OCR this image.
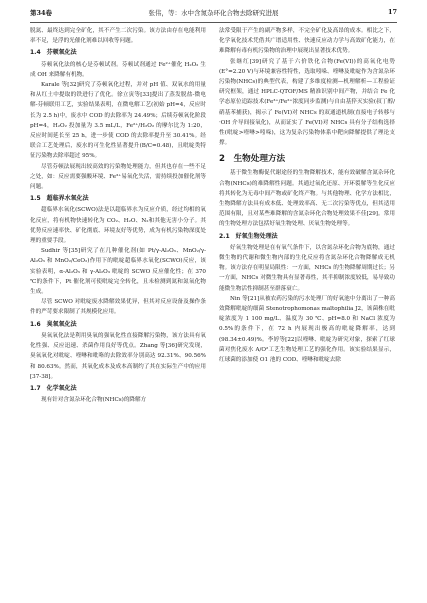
第34卷	张伟，等：水中含氮杂环化合物去除研究进展	17

脱氮、最终达到完全矿化，其不产生二次污染。该方法由存在电能利用率不足，是浮的光催化剂难以回收等问题。

1.4　芬顿氧化法

芬顿氧化法的核心是芬顿试剂。芬顿试剂通过 Fe²⁺催化 H₂O₂ 生成 OH 来降解有机物。

Karale 等[32]研究了芬顿氧化过程，并对 pH 值、双氧水的用量和从红土中提取的铁进行了优化。徐立寅等[33]提出了蒸发脱盐-微电解-芬顿联用工艺，实验结果表明，在微电解工艺(初始 pH=4，反应时长为 2.5 h)中，废水中 COD 的去除率为 24.49%；后续芬顿氧化阶段 pH=4，H₂O₂ 投加量为 3.5 mL/L，Fe²⁺/H₂O₂ 的摩尔比为 1:20，反应时间延长至 25 h，进一步使 COD 的去除率提升至 30.41%。经联合工艺处理后，废水的可生化性显著提升(B/C=0.48)，且吡啶类特征污染物去除率超过 95%。

尽管芬顿法展现出较高效的污染物处理能力，但其也存在一些不足之处，如：反应需要强酸环境、Fe³⁺易氧化失活，需持续投加催化剂等问题。

1.5　超临界水氧化法

超临界水氧化(SCWO)法是以超临界水为反应介质，经过均相的氧化反应，将有机物快速转化为 CO₂、H₂O、N₂和其他无害小分子。其优势反应速率快、矿化彻底、环境友好等优势，成为有机污染物深度处理的重要手段。

Sudhir 等[35]研究了在几种催化剂(如 Pt/γ-Al₂O₃、MnO₂/γ-Al₂O₃ 和 MnO₂/CeO₂)作用下的吡啶超临界水氧化(SCWO)反应，该实验表明，α-Al₂O₃ 和 γ-Al₂O₃ 吡啶的 SCWO 反应催化性；在 370 ℃的条件下，Pt 催化剂可使吡啶完全转化，且未检测到氮和氮氧化物生成。

尽管 SCWO 对吡啶废水降解效果优异，但其对反应设备及操作条件的严苛要求限制了其规模化应用。

1.6　臭氧氧化法

臭氧氧化法是利用臭氧的强氧化性直接降解污染物，该方法具有氧化性强、反应迅速、杀菌作用良好等优点。Zhang 等[36]研究发现，臭氧氧化对吡啶、喹啉和吡咯的去除效率分别高达 92.31%、90.56%和 80.63%。然而，其氧化成本及成本高制约了其在实际生产中的应用[37-38]。

1.7　化学氧化法

现有针对含氮杂环化合物(NHCs)的降解方

法常受限于产生的副产物多样，不完全矿化及高昂的成本。相比之下，化学氧化技术凭借其广谱适用性、快速反应动力学与高效矿化能力，在难降解有毒有机污染物的治理中展现出显著技术优势。

张继红[39]研究了基于六价铁化合物(Fe(VI))的高氧化电势(E°=2.20 V)与环境兼容性特性，选取吲哚、喹啉及吡啶作为含氮杂环污染物(NHCs)的典型代表，构建了多维度检测—机理解析—工程验证研究框架，通过 HPLC-QTOF/MS 精准识别中间产物，并结合 Fe 化学态原位追踪技术(Fe³⁺/Fe²⁺浓度同步监测)与自由基猝灭实验(叔丁醇/硝基苯捕获)，揭示了 Fe(VI)对 NHCs 的双通道机制(直接电子转移与·OH 介导间接氧化)，从而证实了 Fe(VI)对 NHCs 具有分子结构选择性(吡啶>喹啉>吲哚)，这为复杂污染物体系中靶向降解提供了理论支撑。

2　生物处理方法

基于微生物酶促代谢途径的生物降解技术，能有效破解含氮杂环化合物(NHCs)的难降解性问题。其通过氧化还原、开环裂解等生化反应将其转化为无毒中间产物或矿化终产物。与其他物理、化学方法相比，生物降解方法具有成本低、处理效率高、无二次污染等优点，但其适用范围有限，且对某些难降解的含氮杂环化合物处理效果不佳[29]。常用的生物处理方法包括好氧生物处理、厌氧生物处理等。

2.1　好氧生物处理法

好氧生物处理是在有氧气条件下，以含氮杂环化合物为底物，通过微生物的代谢和微生物内部的生化反应将含氮杂环化合物降解成无机物。该方法存在明显局限性：一方面，NHCs 的生物降解周期过长；另一方面，NHCs 对微生物具有显著毒性，其半抑制浓度较低，易导致功能微生物活性抑制甚至群落衰亡。

Nin 等[21]从被农药污染的污水处理厂的好氧池中分离出了一种高效降解吡啶的细菌 Stenotrophomonas maltophilia J2，该菌株在吡啶浓度为 1 100 mg/L、温度为 30 ℃、pH=8.0 和 NaCl 浓度为 0.5%的条件下，在 72 h 内展现出极高的吡啶降解率，达到(98.34±0.49)%。李婷等[22]以喹啉、吡啶为研究对象，探索了红球菌对焦化废水 A/O²工艺生物处理工艺的强化作用。该实验结果显示，红球菌的添加使 O1 池的 COD、喹啉和吡啶去除
